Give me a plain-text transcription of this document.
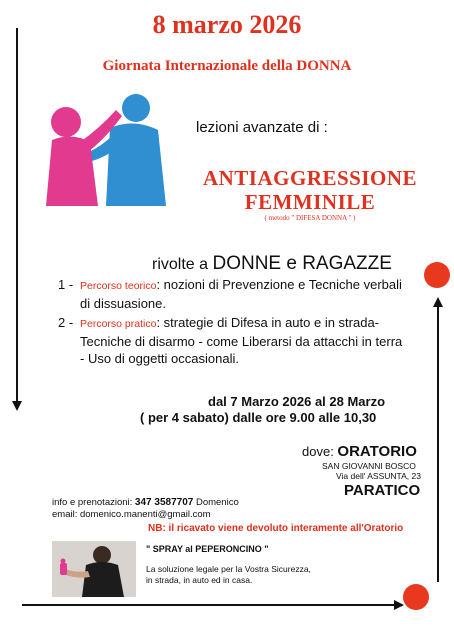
8 marzo 2026
Giornata Internazionale della DONNA
lezioni avanzate di :
ANTIAGGRESSIONE
FEMMINILE
( metodo " DIFESA DONNA " )
rivolte a DONNE e RAGAZZE
1 - Percorso teorico: nozioni di Prevenzione e Tecniche verbali di dissuasione.
2 - Percorso pratico: strategie di Difesa in auto e in strada- Tecniche di disarmo - come Liberarsi da attacchi in terra - Uso di oggetti occasionali.
dal 7 Marzo 2026 al 28 Marzo
( per 4 sabato) dalle ore 9.00 alle 10,30
dove: ORATORIO
SAN GIOVANNI BOSCO
Via dell' ASSUNTA, 23
PARATICO
info e prenotazioni: 347 3587707 Domenico
email: domenico.manenti@gmail.com
NB: il ricavato viene devoluto interamente all'Oratorio
" SPRAY al PEPERONCINO "
La soluzione legale per la Vostra Sicurezza,
in strada, in auto ed in casa.
